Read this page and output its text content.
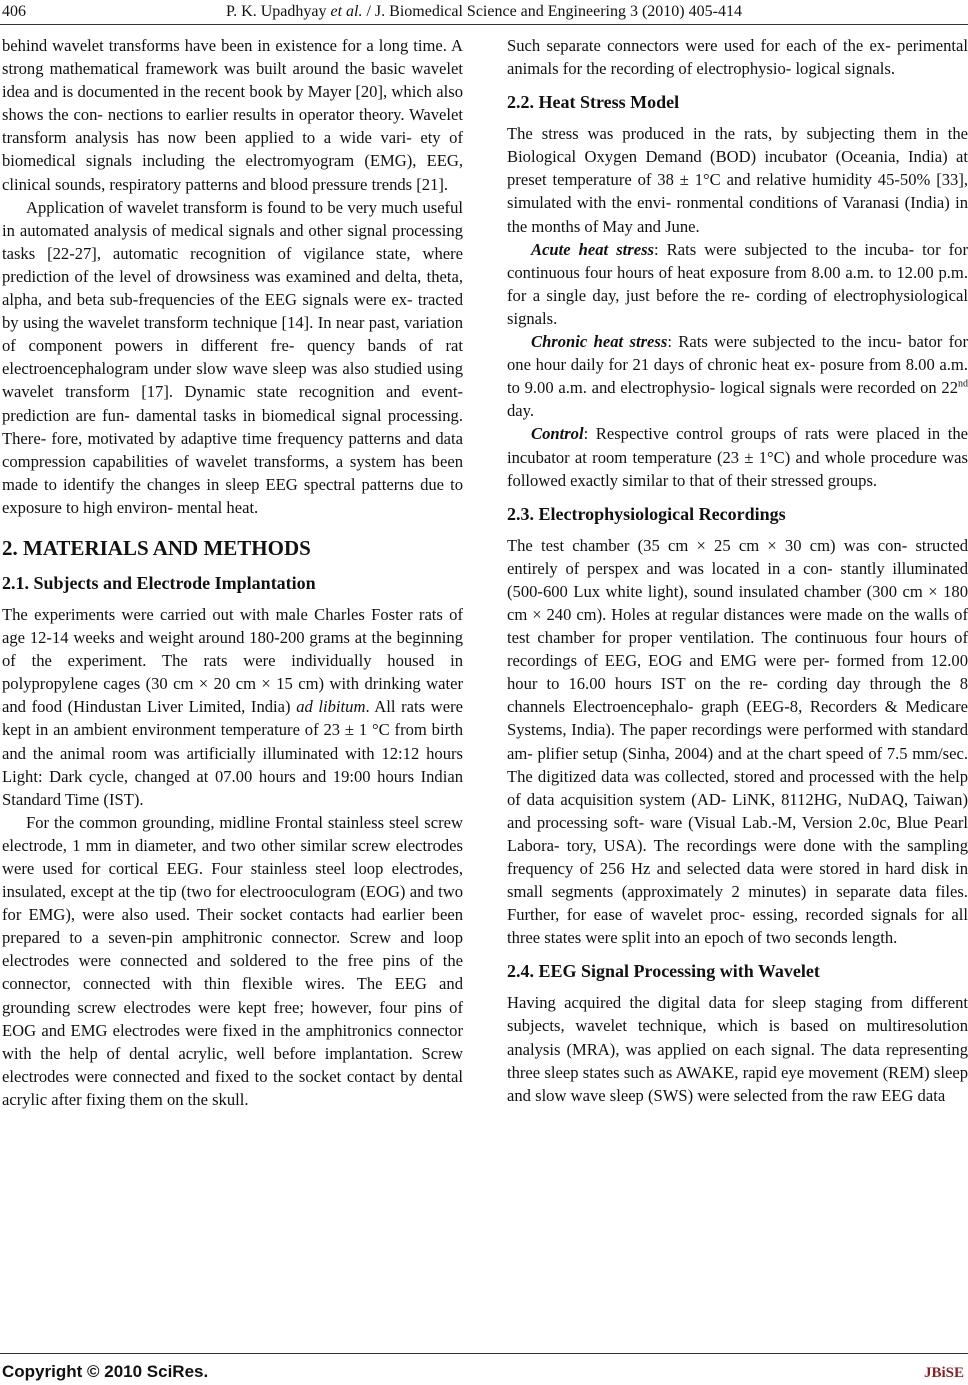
406	P. K. Upadhyay et al. / J. Biomedical Science and Engineering 3 (2010) 405-414

behind wavelet transforms have been in existence for a long time. A strong mathematical framework was built around the basic wavelet idea and is documented in the recent book by Mayer [20], which also shows the con- nections to earlier results in operator theory. Wavelet transform analysis has now been applied to a wide vari- ety of biomedical signals including the electromyogram (EMG), EEG, clinical sounds, respiratory patterns and blood pressure trends [21].

Application of wavelet transform is found to be very much useful in automated analysis of medical signals and other signal processing tasks [22-27], automatic recognition of vigilance state, where prediction of the level of drowsiness was examined and delta, theta, alpha, and beta sub-frequencies of the EEG signals were ex- tracted by using the wavelet transform technique [14]. In near past, variation of component powers in different fre- quency bands of rat electroencephalogram under slow wave sleep was also studied using wavelet transform [17]. Dynamic state recognition and event-prediction are fun- damental tasks in biomedical signal processing. There- fore, motivated by adaptive time frequency patterns and data compression capabilities of wavelet transforms, a system has been made to identify the changes in sleep EEG spectral patterns due to exposure to high environ- mental heat.

2. MATERIALS AND METHODS
2.1. Subjects and Electrode Implantation

The experiments were carried out with male Charles Foster rats of age 12-14 weeks and weight around 180-200 grams at the beginning of the experiment. The rats were individually housed in polypropylene cages (30 cm × 20 cm × 15 cm) with drinking water and food (Hindustan Liver Limited, India) ad libitum. All rats were kept in an ambient environment temperature of 23 ± 1 °C from birth and the animal room was artificially illuminated with 12:12 hours Light: Dark cycle, changed at 07.00 hours and 19:00 hours Indian Standard Time (IST).

For the common grounding, midline Frontal stainless steel screw electrode, 1 mm in diameter, and two other similar screw electrodes were used for cortical EEG. Four stainless steel loop electrodes, insulated, except at the tip (two for electrooculogram (EOG) and two for EMG), were also used. Their socket contacts had earlier been prepared to a seven-pin amphitronic connector. Screw and loop electrodes were connected and soldered to the free pins of the connector, connected with thin flexible wires. The EEG and grounding screw electrodes were kept free; however, four pins of EOG and EMG electrodes were fixed in the amphitronics connector with the help of dental acrylic, well before implantation. Screw electrodes were connected and fixed to the socket contact by dental acrylic after fixing them on the skull.

Such separate connectors were used for each of the ex- perimental animals for the recording of electrophysio- logical signals.

2.2. Heat Stress Model

The stress was produced in the rats, by subjecting them in the Biological Oxygen Demand (BOD) incubator (Oceania, India) at preset temperature of 38 ± 1°C and relative humidity 45-50% [33], simulated with the envi- ronmental conditions of Varanasi (India) in the months of May and June.

Acute heat stress: Rats were subjected to the incuba- tor for continuous four hours of heat exposure from 8.00 a.m. to 12.00 p.m. for a single day, just before the re- cording of electrophysiological signals.

Chronic heat stress: Rats were subjected to the incu- bator for one hour daily for 21 days of chronic heat ex- posure from 8.00 a.m. to 9.00 a.m. and electrophysio- logical signals were recorded on 22nd day.

Control: Respective control groups of rats were placed in the incubator at room temperature (23 ± 1°C) and whole procedure was followed exactly similar to that of their stressed groups.

2.3. Electrophysiological Recordings

The test chamber (35 cm × 25 cm × 30 cm) was con- structed entirely of perspex and was located in a con- stantly illuminated (500-600 Lux white light), sound insulated chamber (300 cm × 180 cm × 240 cm). Holes at regular distances were made on the walls of test chamber for proper ventilation. The continuous four hours of recordings of EEG, EOG and EMG were per- formed from 12.00 hour to 16.00 hours IST on the re- cording day through the 8 channels Electroencephalo- graph (EEG-8, Recorders & Medicare Systems, India). The paper recordings were performed with standard am- plifier setup (Sinha, 2004) and at the chart speed of 7.5 mm/sec. The digitized data was collected, stored and processed with the help of data acquisition system (AD- LiNK, 8112HG, NuDAQ, Taiwan) and processing soft- ware (Visual Lab.-M, Version 2.0c, Blue Pearl Labora- tory, USA). The recordings were done with the sampling frequency of 256 Hz and selected data were stored in hard disk in small segments (approximately 2 minutes) in separate data files. Further, for ease of wavelet proc- essing, recorded signals for all three states were split into an epoch of two seconds length.

2.4. EEG Signal Processing with Wavelet

Having acquired the digital data for sleep staging from different subjects, wavelet technique, which is based on multiresolution analysis (MRA), was applied on each signal. The data representing three sleep states such as AWAKE, rapid eye movement (REM) sleep and slow wave sleep (SWS) were selected from the raw EEG data

Copyright © 2010 SciRes.	JBiSE
